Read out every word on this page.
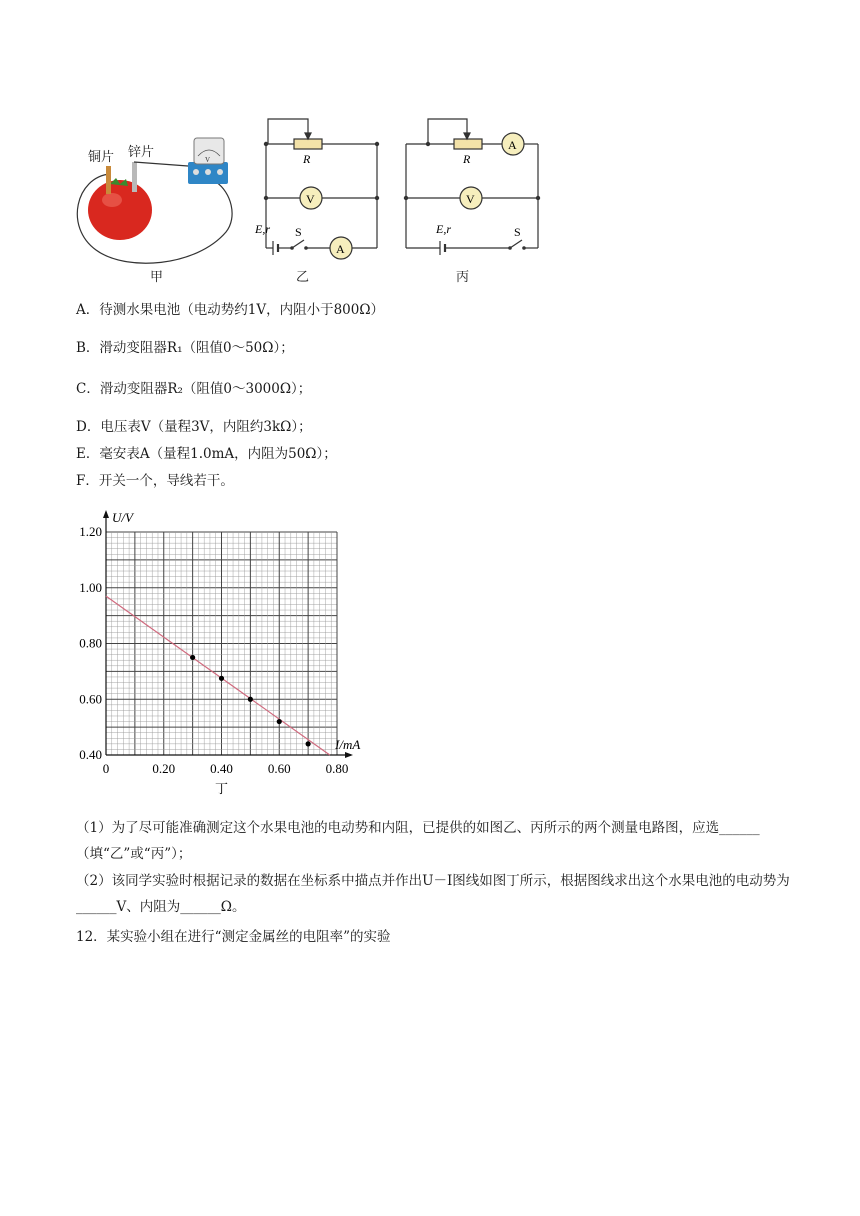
V
铜片 锌片
甲
R
V
A
E,r S
乙
R
A
V
E,r	S
丙
A．待测水果电池（电动势约1V，内阻小于800Ω）
B．滑动变阻器R₁（阻值0～50Ω）；
C．滑动变阻器R₂（阻值0～3000Ω）；
D．电压表V（量程3V，内阻约3kΩ）；
E．毫安表A（量程1.0mA，内阻为50Ω）；
F．开关一个，导线若干。
0.40
0.60
0.80
1.00
1.20
0	0.20	0.40	0.60	0.80
U/V
I/mA
丁
（1）为了尽可能准确测定这个水果电池的电动势和内阻，已提供的如图乙、丙所示的两个测量电路图，应选______（填“乙”或“丙”）；
（2）该同学实验时根据记录的数据在坐标系中描点并作出U－I图线如图丁所示，根据图线求出这个水果电池的电动势为______V、内阻为______Ω。
12．某实验小组在进行“测定金属丝的电阻率”的实验
